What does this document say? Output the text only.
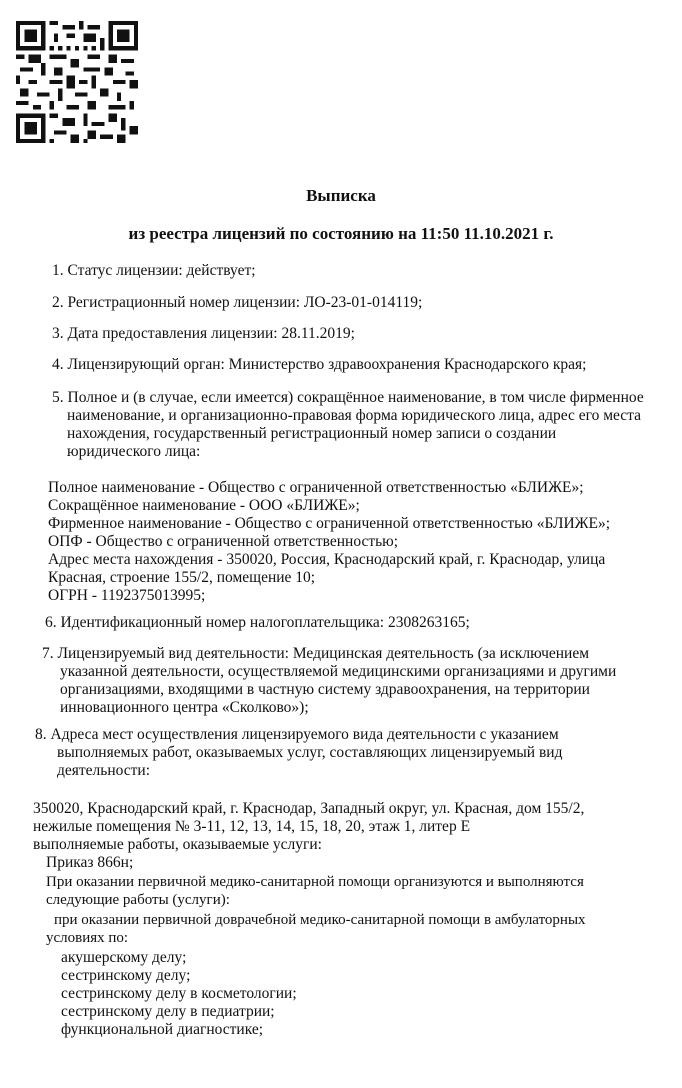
Выписка
из реестра лицензий по состоянию на 11:50 11.10.2021 г.

1. Статус лицензии: действует;

2. Регистрационный номер лицензии: ЛО-23-01-014119;

3. Дата предоставления лицензии: 28.11.2019;

4. Лицензирующий орган: Министерство здравоохранения Краснодарского края;

5. Полное и (в случае, если имеется) сокращённое наименование, в том числе фирменное

наименование, и организационно-правовая форма юридического лица, адрес его места

нахождения, государственный регистрационный номер записи о создании

юридического лица:

Полное наименование - Общество с ограниченной ответственностью «БЛИЖЕ»;

Сокращённое наименование - ООО «БЛИЖЕ»;

Фирменное наименование - Общество с ограниченной ответственностью «БЛИЖЕ»;

ОПФ - Общество с ограниченной ответственностью;

Адрес места нахождения - 350020, Россия, Краснодарский край, г. Краснодар, улица

Красная, строение 155/2, помещение 10;

ОГРН - 1192375013995;

6. Идентификационный номер налогоплательщика: 2308263165;

7. Лицензируемый вид деятельности: Медицинская деятельность (за исключением

указанной деятельности, осуществляемой медицинскими организациями и другими

организациями, входящими в частную систему здравоохранения, на территории

инновационного центра «Сколково»);

8. Адреса мест осуществления лицензируемого вида деятельности с указанием

выполняемых работ, оказываемых услуг, составляющих лицензируемый вид

деятельности:

350020, Краснодарский край, г. Краснодар, Западный округ, ул. Красная, дом 155/2,

нежилые помещения № 3-11, 12, 13, 14, 15, 18, 20, этаж 1, литер Е

выполняемые работы, оказываемые услуги:

Приказ 866н;

При оказании первичной медико-санитарной помощи организуются и выполняются

следующие работы (услуги):

при оказании первичной доврачебной медико-санитарной помощи в амбулаторных

условиях по:

акушерскому делу;

сестринскому делу;

сестринскому делу в косметологии;

сестринскому делу в педиатрии;

функциональной диагностике;
